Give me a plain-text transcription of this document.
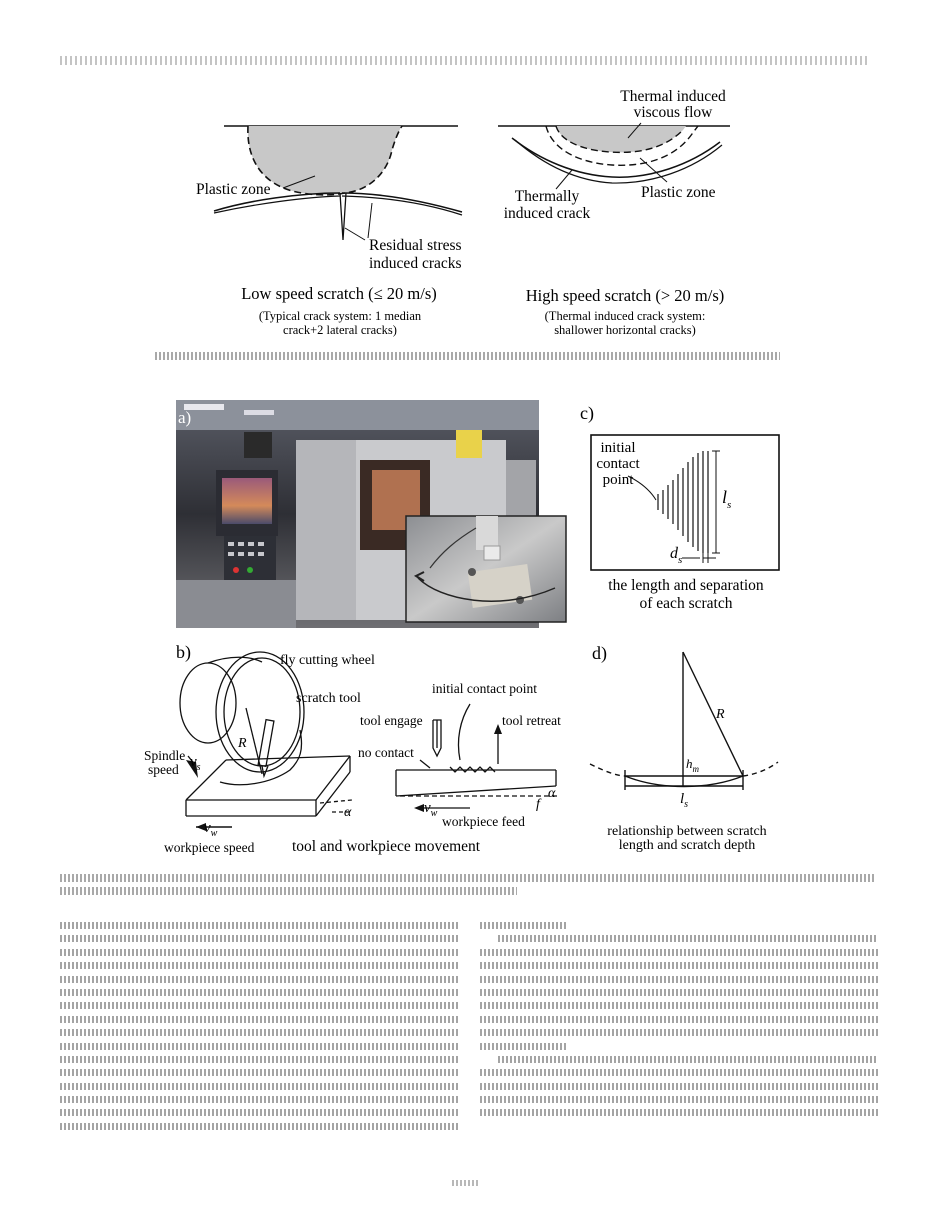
Plastic zone
Residual stress
induced cracks
Low speed scratch (≤ 20 m/s)
(Typical crack system: 1 median
crack+2 lateral cracks)
Thermal induced
viscous flow
Thermally
induced crack
Plastic zone
High speed scratch (> 20 m/s)
(Thermal induced crack system:
shallower horizontal cracks)
a)	c)
initial
contact
point
$l_s$
$d_s$
the length and separation
of each scratch
b)	fly cutting wheel
scratch tool
R
Spindle
speed $v_s$
$v_w$
α
workpiece speed tool and workpiece movement
initial contact point
tool engage	tool retreat
no contact
$v_w$
workpiece feed
α
f
d)
R
$h_m$
$l_s$
relationship between scratch
length and scratch depth
